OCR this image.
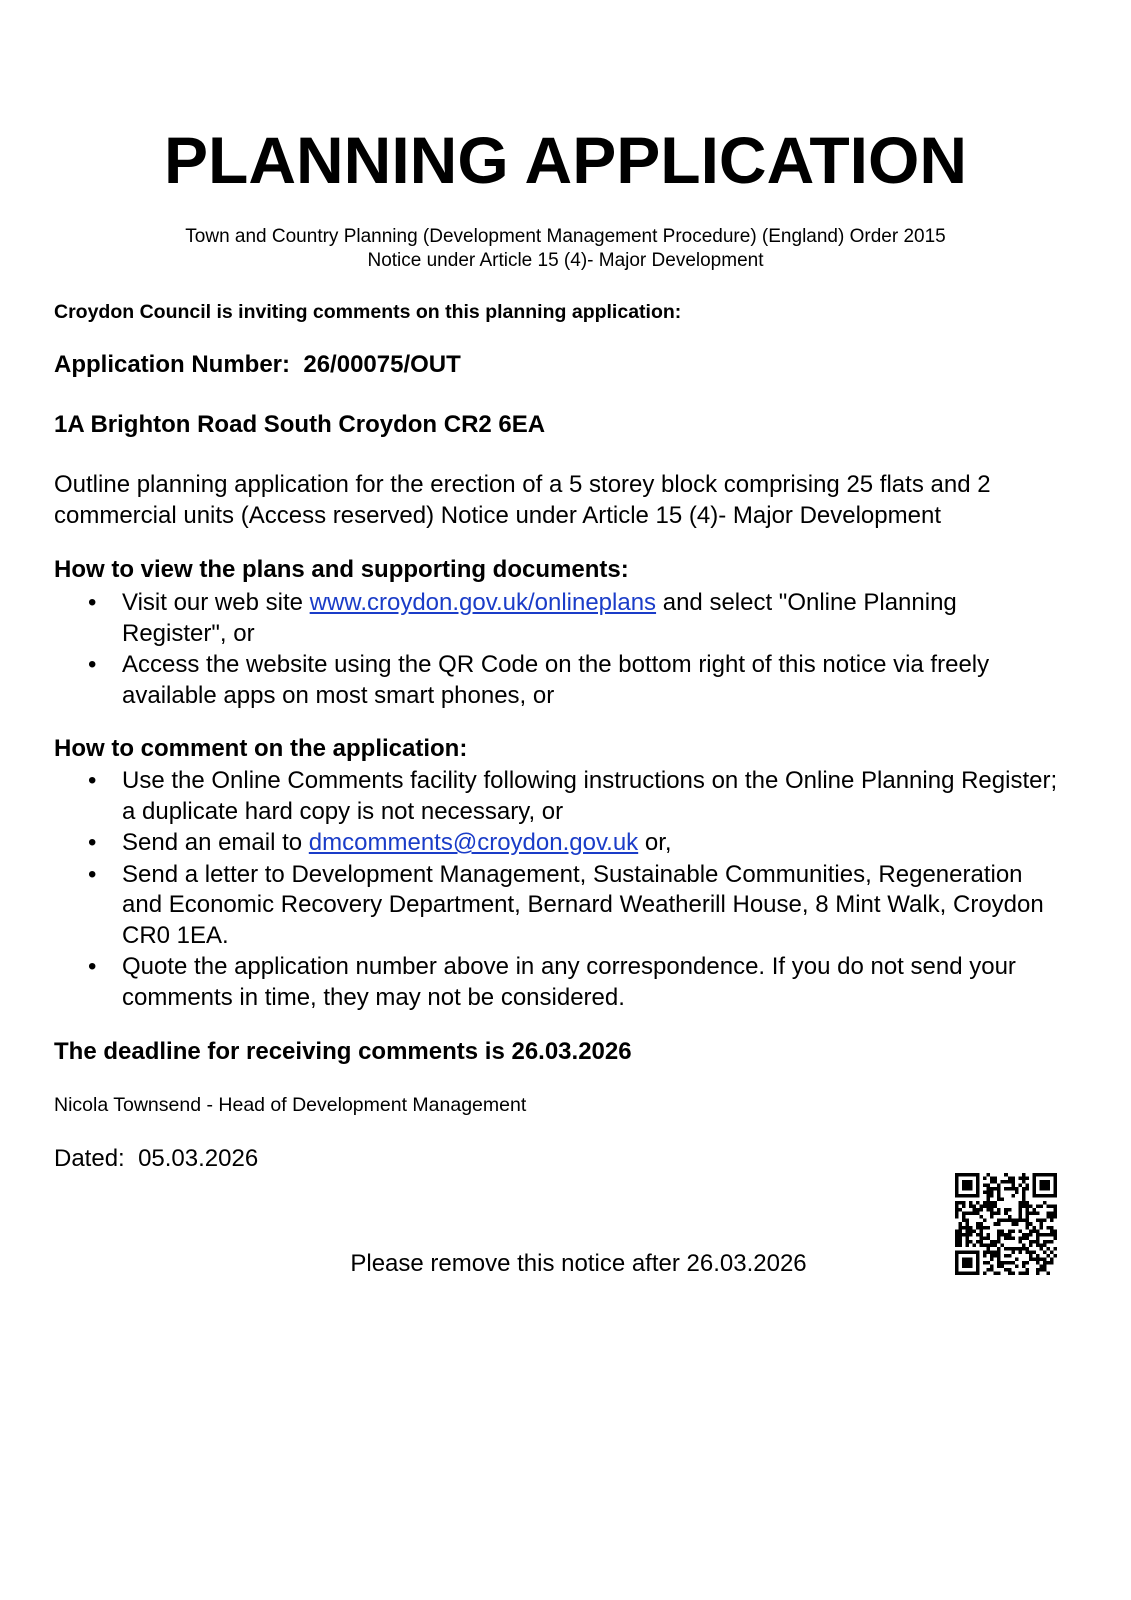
PLANNING APPLICATION
Town and Country Planning (Development Management Procedure) (England) Order 2015
Notice under Article 15 (4)- Major Development
Croydon Council is inviting comments on this planning application:
Application Number: 26/00075/OUT
1A Brighton Road South Croydon CR2 6EA
Outline planning application for the erection of a 5 storey block comprising 25 flats and 2 commercial units (Access reserved) Notice under Article 15 (4)- Major Development
How to view the plans and supporting documents:
• Visit our web site www.croydon.gov.uk/onlineplans and select "Online Planning Register", or
• Access the website using the QR Code on the bottom right of this notice via freely available apps on most smart phones, or
How to comment on the application:
• Use the Online Comments facility following instructions on the Online Planning Register; a duplicate hard copy is not necessary, or
• Send an email to dmcomments@croydon.gov.uk or,
• Send a letter to Development Management, Sustainable Communities, Regeneration and Economic Recovery Department, Bernard Weatherill House, 8 Mint Walk, Croydon CR0 1EA.
• Quote the application number above in any correspondence. If you do not send your comments in time, they may not be considered.
The deadline for receiving comments is 26.03.2026
Nicola Townsend - Head of Development Management
Dated: 05.03.2026
Please remove this notice after 26.03.2026
